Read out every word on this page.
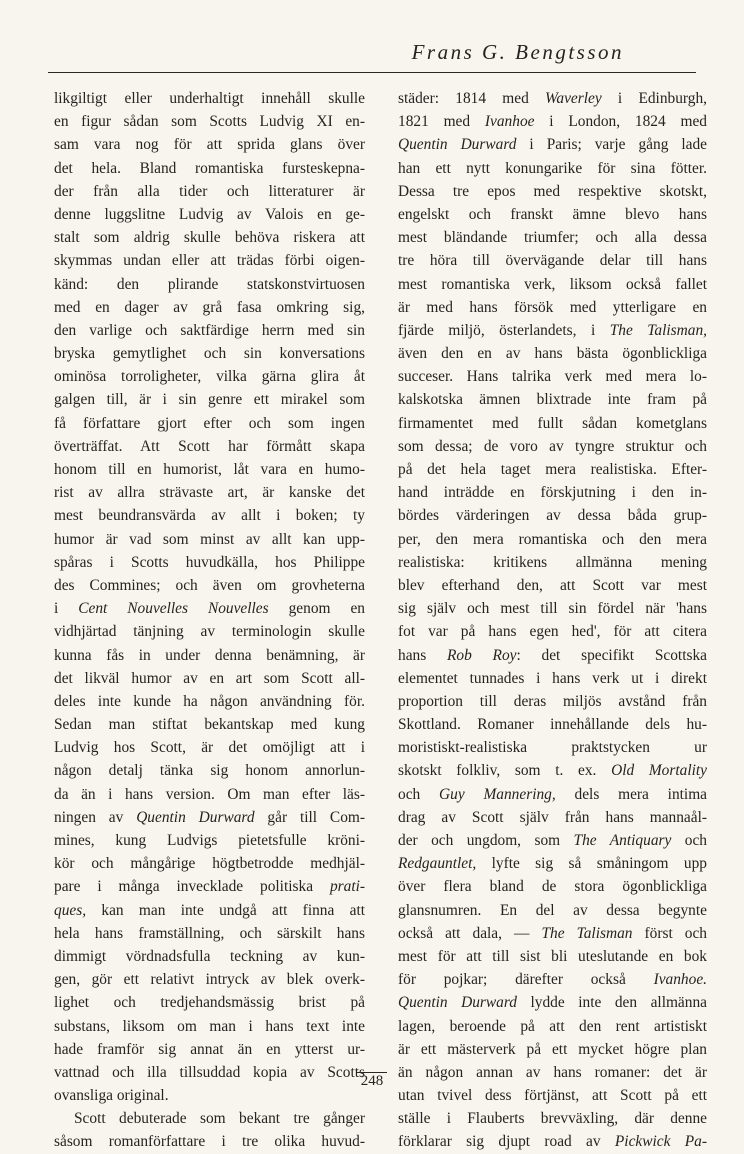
Frans G. Bengtsson
likgiltigt eller underhaltigt innehåll skulle
en figur sådan som Scotts Ludvig XI en-
sam vara nog för att sprida glans över
det hela. Bland romantiska fursteskepna-
der från alla tider och litteraturer är
denne luggslitne Ludvig av Valois en ge-
stalt som aldrig skulle behöva riskera att
skymmas undan eller att trädas förbi oigen-
känd: den plirande statskonstvirtuosen
med en dager av grå fasa omkring sig,
den varlige och saktfärdige herrn med sin
bryska gemytlighet och sin konversations
ominösa torroligheter, vilka gärna glira åt
galgen till, är i sin genre ett mirakel som
få författare gjort efter och som ingen
överträffat. Att Scott har förmått skapa
honom till en humorist, låt vara en humo-
rist av allra strävaste art, är kanske det
mest beundransvärda av allt i boken; ty
humor är vad som minst av allt kan upp-
spåras i Scotts huvudkälla, hos Philippe
des Commines; och även om grovheterna
i Cent Nouvelles Nouvelles genom en
vidhjärtad tänjning av terminologin skulle
kunna fås in under denna benämning, är
det likväl humor av en art som Scott all-
deles inte kunde ha någon användning för.
Sedan man stiftat bekantskap med kung
Ludvig hos Scott, är det omöjligt att i
någon detalj tänka sig honom annorlun-
da än i hans version. Om man efter läs-
ningen av Quentin Durward går till Com-
mines, kung Ludvigs pietetsfulle kröni-
kör och mångårige högtbetrodde medhjäl-
pare i många invecklade politiska prati-
ques, kan man inte undgå att finna att
hela hans framställning, och särskilt hans
dimmigt vördnadsfulla teckning av kun-
gen, gör ett relativt intryck av blek overk-
lighet och tredjehandsmässig brist på
substans, liksom om man i hans text inte
hade framför sig annat än en ytterst ur-
vattnad och illa tillsuddad kopia av Scotts
ovansliga original.
Scott debuterade som bekant tre gånger
såsom romanförfattare i tre olika huvud-
städer: 1814 med Waverley i Edinburgh,
1821 med Ivanhoe i London, 1824 med
Quentin Durward i Paris; varje gång lade
han ett nytt konungarike för sina fötter.
Dessa tre epos med respektive skotskt,
engelskt och franskt ämne blevo hans
mest bländande triumfer; och alla dessa
tre höra till övervägande delar till hans
mest romantiska verk, liksom också fallet
är med hans försök med ytterligare en
fjärde miljö, österlandets, i The Talisman,
även den en av hans bästa ögonblickliga
succeser. Hans talrika verk med mera lo-
kalskotska ämnen blixtrade inte fram på
firmamentet med fullt sådan kometglans
som dessa; de voro av tyngre struktur och
på det hela taget mera realistiska. Efter-
hand inträdde en förskjutning i den in-
bördes värderingen av dessa båda grup-
per, den mera romantiska och den mera
realistiska: kritikens allmänna mening
blev efterhand den, att Scott var mest
sig själv och mest till sin fördel när 'hans
fot var på hans egen hed', för att citera
hans Rob Roy: det specifikt Scottska
elementet tunnades i hans verk ut i direkt
proportion till deras miljös avstånd från
Skottland. Romaner innehållande dels hu-
moristiskt-realistiska praktstycken ur
skotskt folkliv, som t. ex. Old Mortality
och Guy Mannering, dels mera intima
drag av Scott själv från hans mannaål-
der och ungdom, som The Antiquary och
Redgauntlet, lyfte sig så småningom upp
över flera bland de stora ögonblickliga
glansnumren. En del av dessa begynte
också att dala, — The Talisman först och
mest för att till sist bli uteslutande en bok
för pojkar; därefter också Ivanhoe.
Quentin Durward lydde inte den allmänna
lagen, beroende på att den rent artistiskt
är ett mästerverk på ett mycket högre plan
än någon annan av hans romaner: det är
utan tvivel dess förtjänst, att Scott på ett
ställe i Flauberts brevväxling, där denne
förklarar sig djupt road av Pickwick Pa-
248
